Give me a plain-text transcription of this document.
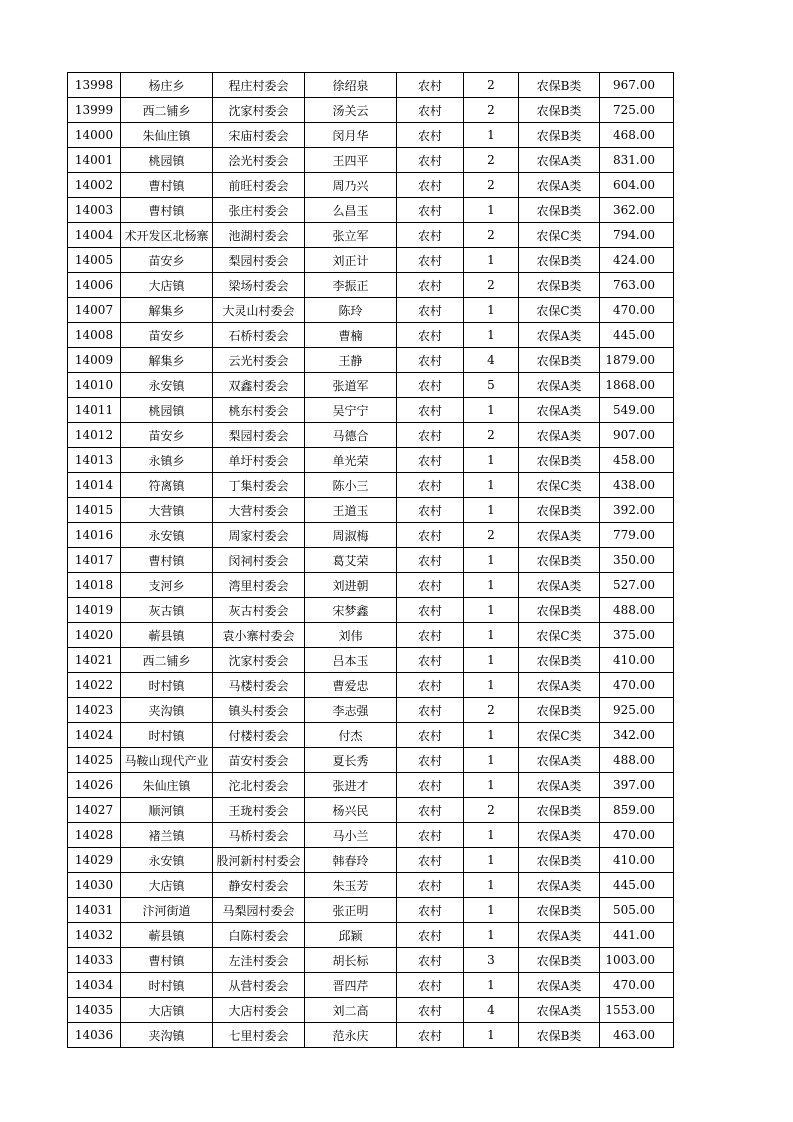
13998	杨庄乡	程庄村委会	徐绍泉	农村	2	农保B类	967.00
13999	西二铺乡	沈家村委会	汤关云	农村	2	农保B类	725.00
14000	朱仙庄镇	宋庙村委会	闵月华	农村	1	农保B类	468.00
14001	桃园镇	浍光村委会	王四平	农村	2	农保A类	831.00
14002	曹村镇	前旺村委会	周乃兴	农村	2	农保A类	604.00
14003	曹村镇	张庄村委会	么昌玉	农村	1	农保B类	362.00
14004	术开发区北杨寨	池湖村委会	张立军	农村	2	农保C类	794.00
14005	苗安乡	梨园村委会	刘正计	农村	1	农保B类	424.00
14006	大店镇	梁场村委会	李振正	农村	2	农保B类	763.00
14007	解集乡	大灵山村委会	陈玲	农村	1	农保C类	470.00
14008	苗安乡	石桥村委会	曹楠	农村	1	农保A类	445.00
14009	解集乡	云光村委会	王静	农村	4	农保B类	1879.00
14010	永安镇	双鑫村委会	张道军	农村	5	农保A类	1868.00
14011	桃园镇	桃东村委会	吴宁宁	农村	1	农保A类	549.00
14012	苗安乡	梨园村委会	马德合	农村	2	农保A类	907.00
14013	永镇乡	单圩村委会	单光荣	农村	1	农保B类	458.00
14014	符离镇	丁集村委会	陈小三	农村	1	农保C类	438.00
14015	大营镇	大营村委会	王道玉	农村	1	农保B类	392.00
14016	永安镇	周家村委会	周淑梅	农村	2	农保A类	779.00
14017	曹村镇	闵祠村委会	葛艾荣	农村	1	农保B类	350.00
14018	支河乡	湾里村委会	刘进朝	农村	1	农保A类	527.00
14019	灰古镇	灰古村委会	宋梦鑫	农村	1	农保B类	488.00
14020	蕲县镇	袁小寨村委会	刘伟	农村	1	农保C类	375.00
14021	西二铺乡	沈家村委会	吕本玉	农村	1	农保B类	410.00
14022	时村镇	马楼村委会	曹爱忠	农村	1	农保A类	470.00
14023	夹沟镇	镇头村委会	李志强	农村	2	农保B类	925.00
14024	时村镇	付楼村委会	付杰	农村	1	农保C类	342.00
14025	马鞍山现代产业	苗安村委会	夏长秀	农村	1	农保A类	488.00
14026	朱仙庄镇	沱北村委会	张进才	农村	1	农保A类	397.00
14027	顺河镇	王珑村委会	杨兴民	农村	2	农保B类	859.00
14028	褚兰镇	马桥村委会	马小兰	农村	1	农保A类	470.00
14029	永安镇	股河新村村委会	韩春玲	农村	1	农保B类	410.00
14030	大店镇	静安村委会	朱玉芳	农村	1	农保A类	445.00
14031	汴河街道	马梨园村委会	张正明	农村	1	农保B类	505.00
14032	蕲县镇	白陈村委会	邱颖	农村	1	农保A类	441.00
14033	曹村镇	左洼村委会	胡长标	农村	3	农保B类	1003.00
14034	时村镇	从营村委会	晋四芹	农村	1	农保A类	470.00
14035	大店镇	大店村委会	刘二高	农村	4	农保A类	1553.00
14036	夹沟镇	七里村委会	范永庆	农村	1	农保B类	463.00
